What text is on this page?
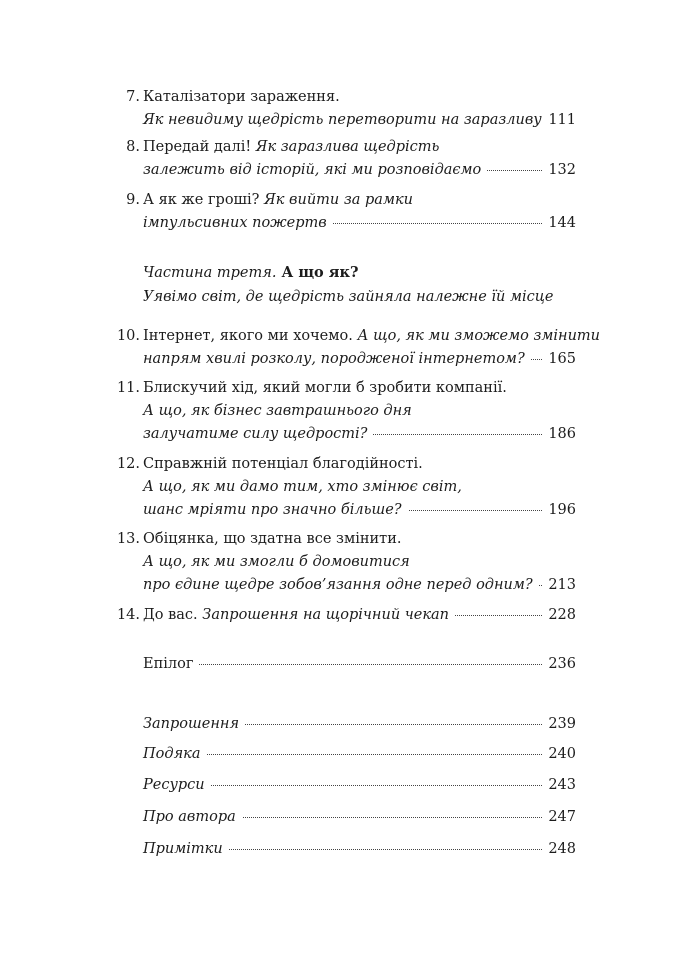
7. Каталізатори зараження.
Як невидиму щедрість перетворити на заразливу 111
8. Передай далі! Як заразлива щедрість
залежить від історій, які ми розповідаємо	132
9. А як же гроші? Як вийти за рамки
імпульсивних пожертв	144
Частина третя. А що як?
Уявімо світ, де щедрість зайняла належне їй місце
10. Інтернет, якого ми хочемо. А що, як ми зможемо змінити
напрям хвилі розколу, породженої інтернетом?	165
11. Блискучий хід, який могли б зробити компанії.
А що, як бізнес завтрашнього дня
залучатиме силу щедрості?	186
12. Справжній потенціал благодійності.
А що, як ми дамо тим, хто змінює світ,
шанс мріяти про значно більше?	196
13. Обіцянка, що здатна все змінити.
А що, як ми змогли б домовитися
про єдине щедре зобов’язання одне перед одним?	213
14. До вас. Запрошення на щорічний чекап	228
Епілог	236
Запрошення	239
Подяка	240
Ресурси	243
Про автора	247
Примітки	248
